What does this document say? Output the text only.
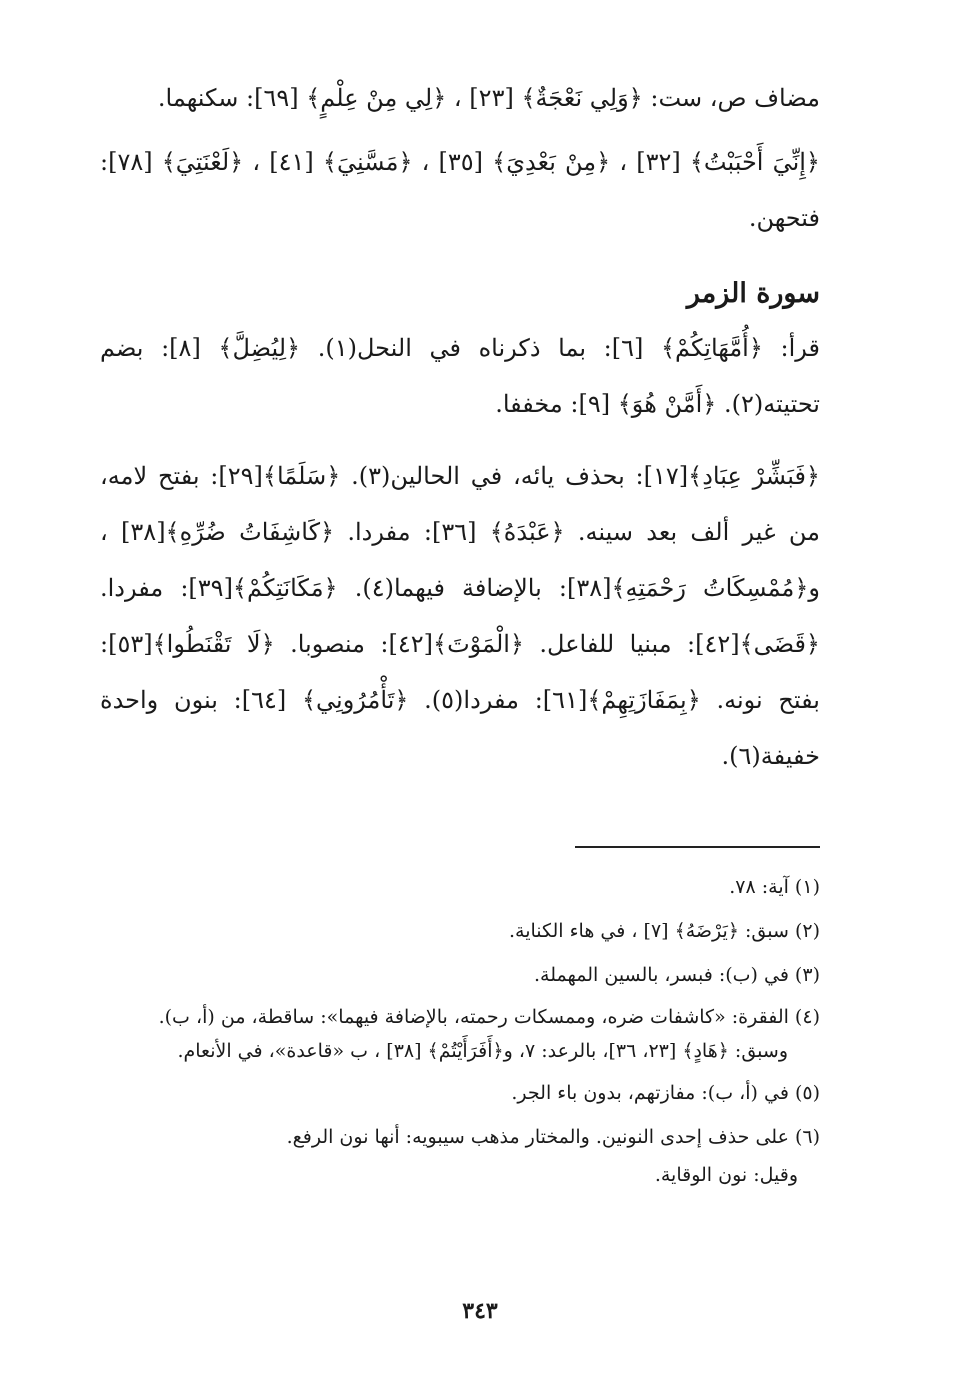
مضاف ص، ست: ﴿وَلِي نَعْجَةٌ﴾ [٢٣] ، ﴿لِي مِنْ عِلْمٍ﴾ [٦٩]: سكنهما.

﴿إِنِّيَ أَحْبَبْتُ﴾ [٣٢] ، ﴿مِنْ بَعْدِيَ﴾ [٣٥] ، ﴿مَسَّنِيَ﴾ [٤١] ، ﴿لَعْنَتِيَ﴾ [٧٨]: فتحهن.

سورة الزمر

قرأ: ﴿أُمَّهَاتِكُمْ﴾ [٦]: بما ذكرناه في النحل(١). ﴿لِيُضِلَّ﴾ [٨]: بضم تحتيته(٢). ﴿أَمَّنْ هُوَ﴾ [٩]: مخففا.

﴿فَبَشِّرْ عِبَادِ﴾[١٧]: بحذف يائه، في الحالين(٣). ﴿سَلَمًا﴾[٢٩]: بفتح لامه، من غير ألف بعد سينه. ﴿عَبْدَهُ﴾ [٣٦]: مفردا. ﴿كَاشِفَاتُ ضُرِّهِ﴾[٣٨] ، و﴿مُمْسِكَاتُ رَحْمَتِهِ﴾[٣٨]: بالإضافة فيهما(٤). ﴿مَكَانَتِكُمْ﴾[٣٩]: مفردا. ﴿قَضَى﴾[٤٢]: مبنيا للفاعل. ﴿الْمَوْتَ﴾[٤٢]: منصوبا. ﴿لَا تَقْنَطُوا﴾[٥٣]: بفتح نونه. ﴿بِمَفَازَتِهِمْ﴾[٦١]: مفردا(٥). ﴿تَأْمُرُونِي﴾ [٦٤]: بنون واحدة خفيفة(٦).

(١) آية: ٧٨.

(٢) سبق: ﴿يَرْضَهُ﴾ [٧] ، في هاء الكناية.

(٣) في (ب): فبسر، بالسين المهملة.

(٤) الفقرة: «كاشفات ضره، وممسكات رحمته، بالإضافة فيهما»: ساقطة، من (أ، ب). وسبق: ﴿هَادٍ﴾ [٢٣، ٣٦]، بالرعد: ٧، و﴿أَفَرَأَيْتُمْ﴾ [٣٨] ، ب «قاعدة»، في الأنعام.

(٥) في (أ، ب): مفازتهم، بدون باء الجر.

(٦) على حذف إحدى النونين. والمختار مذهب سيبويه: أنها نون الرفع.
وقيل: نون الوقاية.

٣٤٣
